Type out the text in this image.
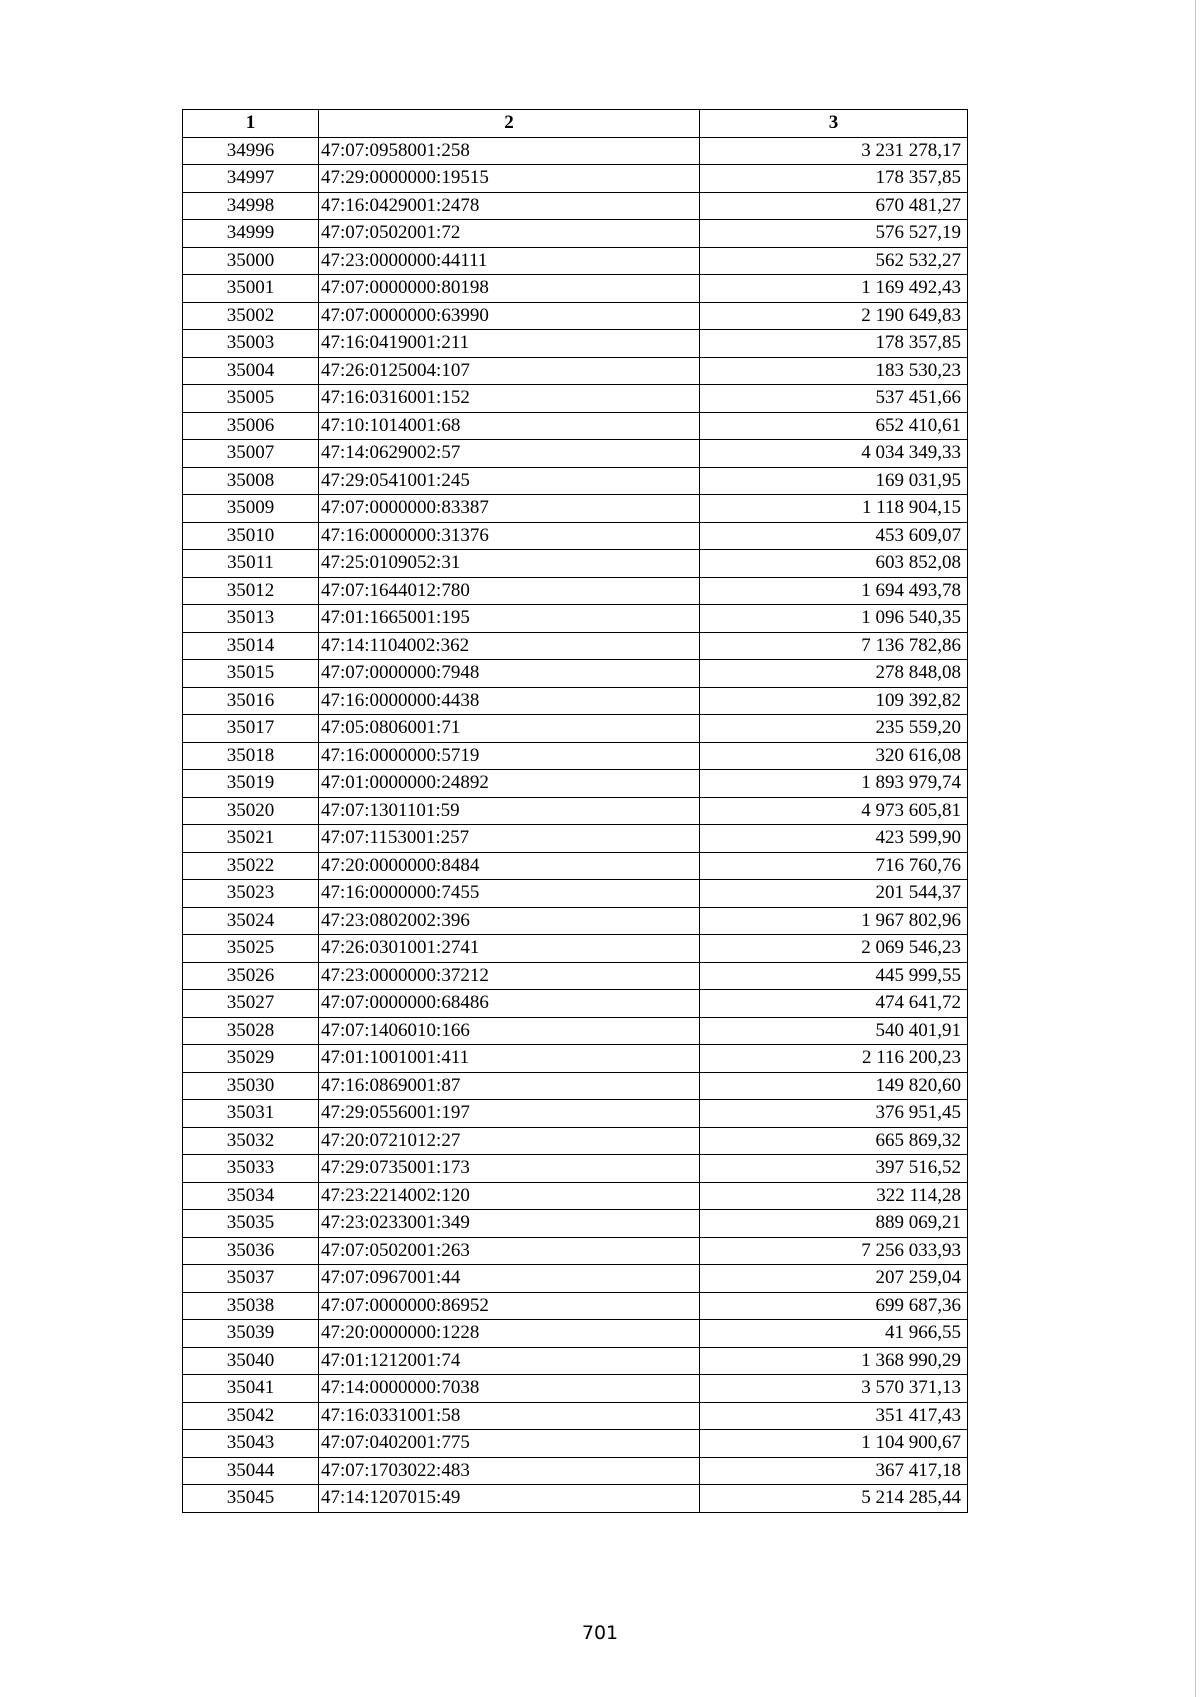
1	2	3
34996	47:07:0958001:258	3 231 278,17
34997	47:29:0000000:19515	178 357,85
34998	47:16:0429001:2478	670 481,27
34999	47:07:0502001:72	576 527,19
35000	47:23:0000000:44111	562 532,27
35001	47:07:0000000:80198	1 169 492,43
35002	47:07:0000000:63990	2 190 649,83
35003	47:16:0419001:211	178 357,85
35004	47:26:0125004:107	183 530,23
35005	47:16:0316001:152	537 451,66
35006	47:10:1014001:68	652 410,61
35007	47:14:0629002:57	4 034 349,33
35008	47:29:0541001:245	169 031,95
35009	47:07:0000000:83387	1 118 904,15
35010	47:16:0000000:31376	453 609,07
35011	47:25:0109052:31	603 852,08
35012	47:07:1644012:780	1 694 493,78
35013	47:01:1665001:195	1 096 540,35
35014	47:14:1104002:362	7 136 782,86
35015	47:07:0000000:7948	278 848,08
35016	47:16:0000000:4438	109 392,82
35017	47:05:0806001:71	235 559,20
35018	47:16:0000000:5719	320 616,08
35019	47:01:0000000:24892	1 893 979,74
35020	47:07:1301101:59	4 973 605,81
35021	47:07:1153001:257	423 599,90
35022	47:20:0000000:8484	716 760,76
35023	47:16:0000000:7455	201 544,37
35024	47:23:0802002:396	1 967 802,96
35025	47:26:0301001:2741	2 069 546,23
35026	47:23:0000000:37212	445 999,55
35027	47:07:0000000:68486	474 641,72
35028	47:07:1406010:166	540 401,91
35029	47:01:1001001:411	2 116 200,23
35030	47:16:0869001:87	149 820,60
35031	47:29:0556001:197	376 951,45
35032	47:20:0721012:27	665 869,32
35033	47:29:0735001:173	397 516,52
35034	47:23:2214002:120	322 114,28
35035	47:23:0233001:349	889 069,21
35036	47:07:0502001:263	7 256 033,93
35037	47:07:0967001:44	207 259,04
35038	47:07:0000000:86952	699 687,36
35039	47:20:0000000:1228	41 966,55
35040	47:01:1212001:74	1 368 990,29
35041	47:14:0000000:7038	3 570 371,13
35042	47:16:0331001:58	351 417,43
35043	47:07:0402001:775	1 104 900,67
35044	47:07:1703022:483	367 417,18
35045	47:14:1207015:49	5 214 285,44
701
